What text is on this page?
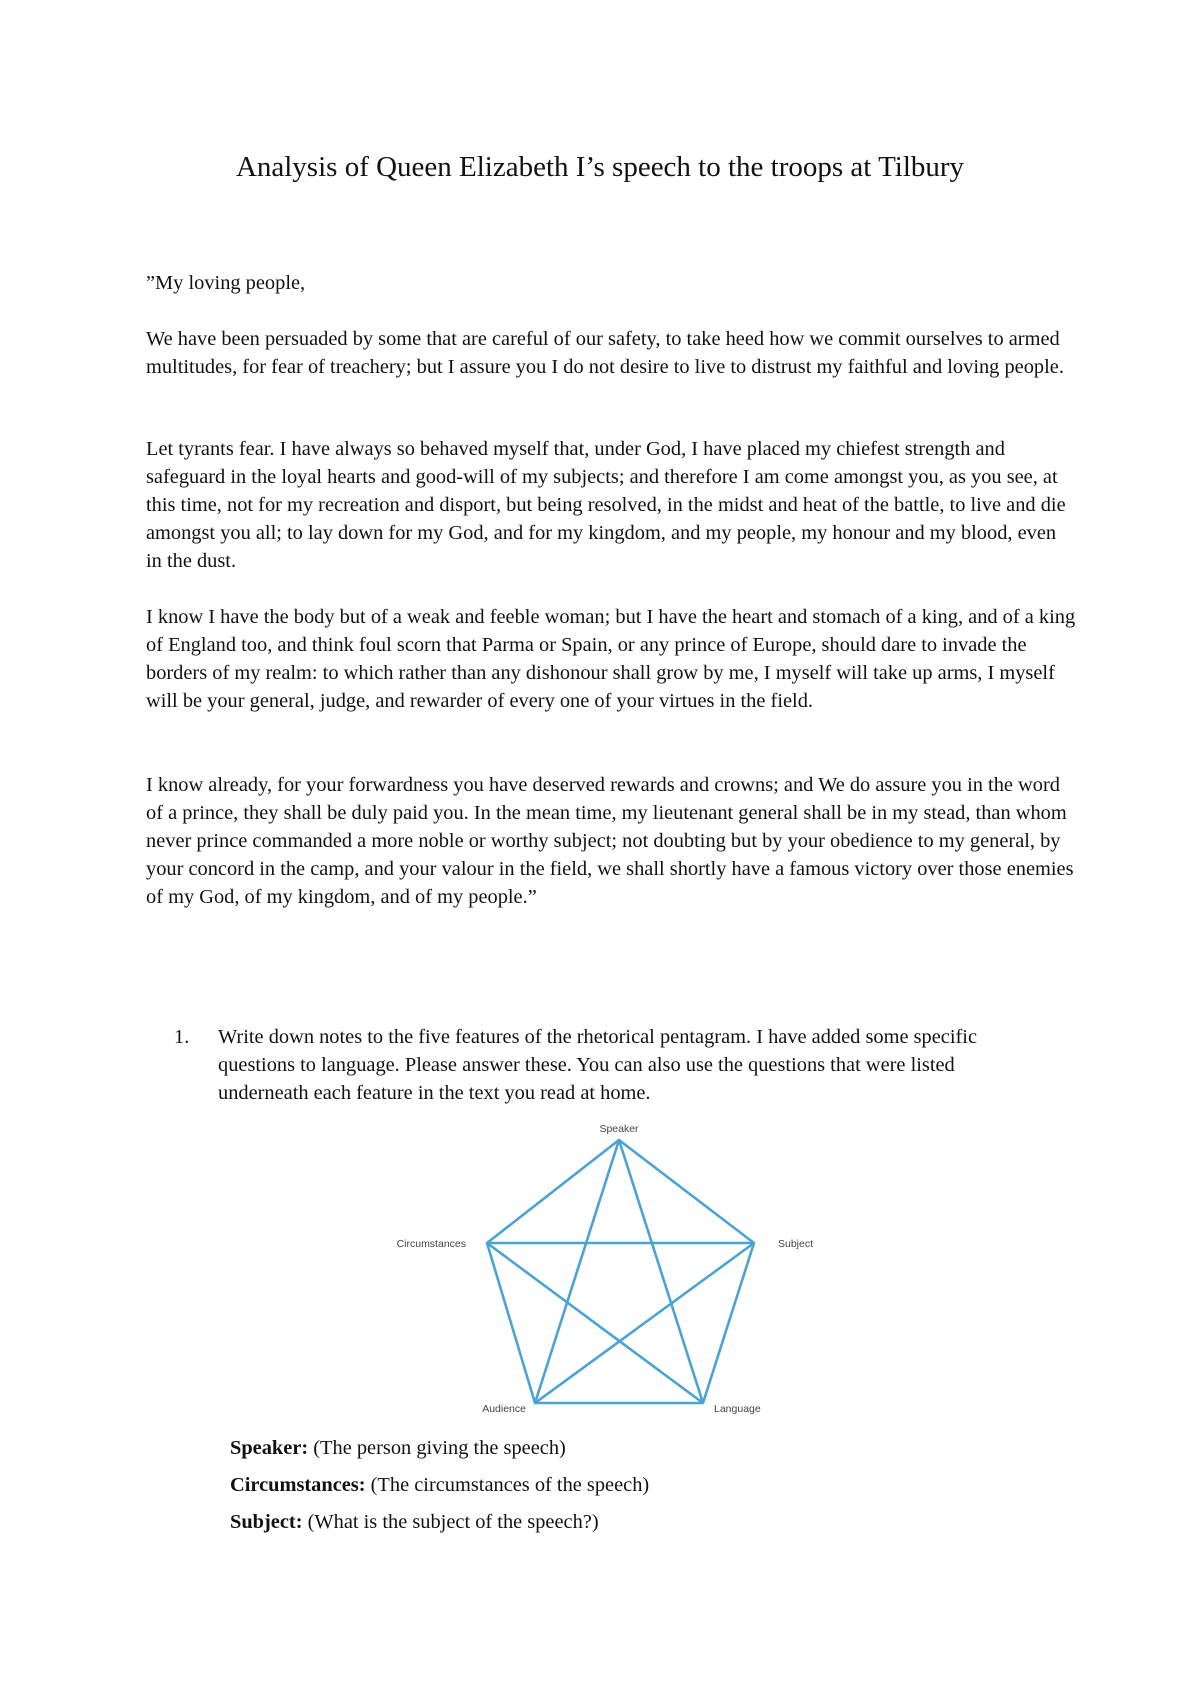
Analysis of Queen Elizabeth I’s speech to the troops at Tilbury

”My loving people,

We have been persuaded by some that are careful of our safety, to take heed how we commit ourselves to armed multitudes, for fear of treachery; but I assure you I do not desire to live to distrust my faithful and loving people.

Let tyrants fear. I have always so behaved myself that, under God, I have placed my chiefest strength and safeguard in the loyal hearts and good-will of my subjects; and therefore I am come amongst you, as you see, at this time, not for my recreation and disport, but being resolved, in the midst and heat of the battle, to live and die amongst you all; to lay down for my God, and for my kingdom, and my people, my honour and my blood, even in the dust.

I know I have the body but of a weak and feeble woman; but I have the heart and stomach of a king, and of a king of England too, and think foul scorn that Parma or Spain, or any prince of Europe, should dare to invade the borders of my realm: to which rather than any dishonour shall grow by me, I myself will take up arms, I myself will be your general, judge, and rewarder of every one of your virtues in the field.

I know already, for your forwardness you have deserved rewards and crowns; and We do assure you in the word of a prince, they shall be duly paid you. In the mean time, my lieutenant general shall be in my stead, than whom never prince commanded a more noble or worthy subject; not doubting but by your obedience to my general, by your concord in the camp, and your valour in the field, we shall shortly have a famous victory over those enemies of my God, of my kingdom, and of my people.”

1.	Write down notes to the five features of the rhetorical pentagram. I have added some specific questions to language. Please answer these. You can also use the questions that were listed underneath each feature in the text you read at home.

Speaker
Subject
Circumstances
Audience	Language
Speaker: (The person giving the speech)
Circumstances: (The circumstances of the speech)
Subject: (What is the subject of the speech?)
